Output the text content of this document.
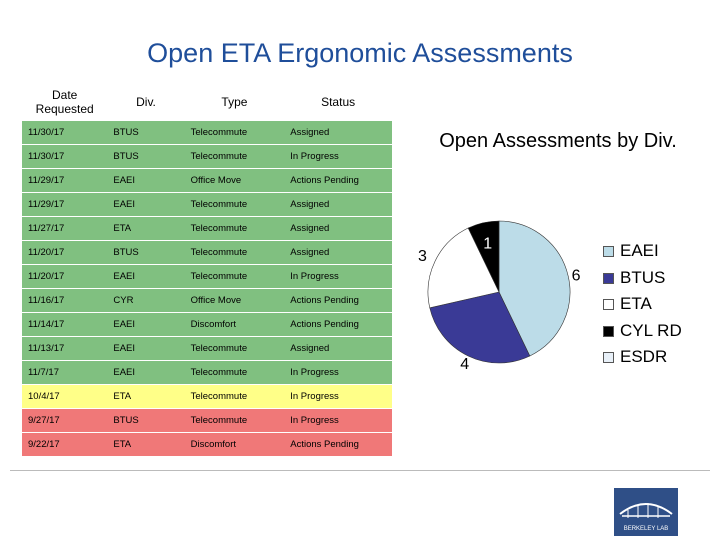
Open ETA Ergonomic Assessments
Date Requested	Div.	Type	Status
11/30/17	BTUS	Telecommute	Assigned
11/30/17	BTUS	Telecommute	In Progress
11/29/17	EAEI	Office Move	Actions Pending
11/29/17	EAEI	Telecommute	Assigned
11/27/17	ETA	Telecommute	Assigned
11/20/17	BTUS	Telecommute	Assigned
11/20/17	EAEI	Telecommute	In Progress
11/16/17	CYR	Office Move	Actions Pending
11/14/17	EAEI	Discomfort	Actions Pending
11/13/17	EAEI	Telecommute	Assigned
11/7/17	EAEI	Telecommute	In Progress
10/4/17	ETA	Telecommute	In Progress
9/27/17	BTUS	Telecommute	In Progress
9/22/17	ETA	Discomfort	Actions Pending
Open Assessments by Div.
6
4
3
1	EAEI
BTUS
ETA
CYL RD
ESDR
BERKELEY LAB
